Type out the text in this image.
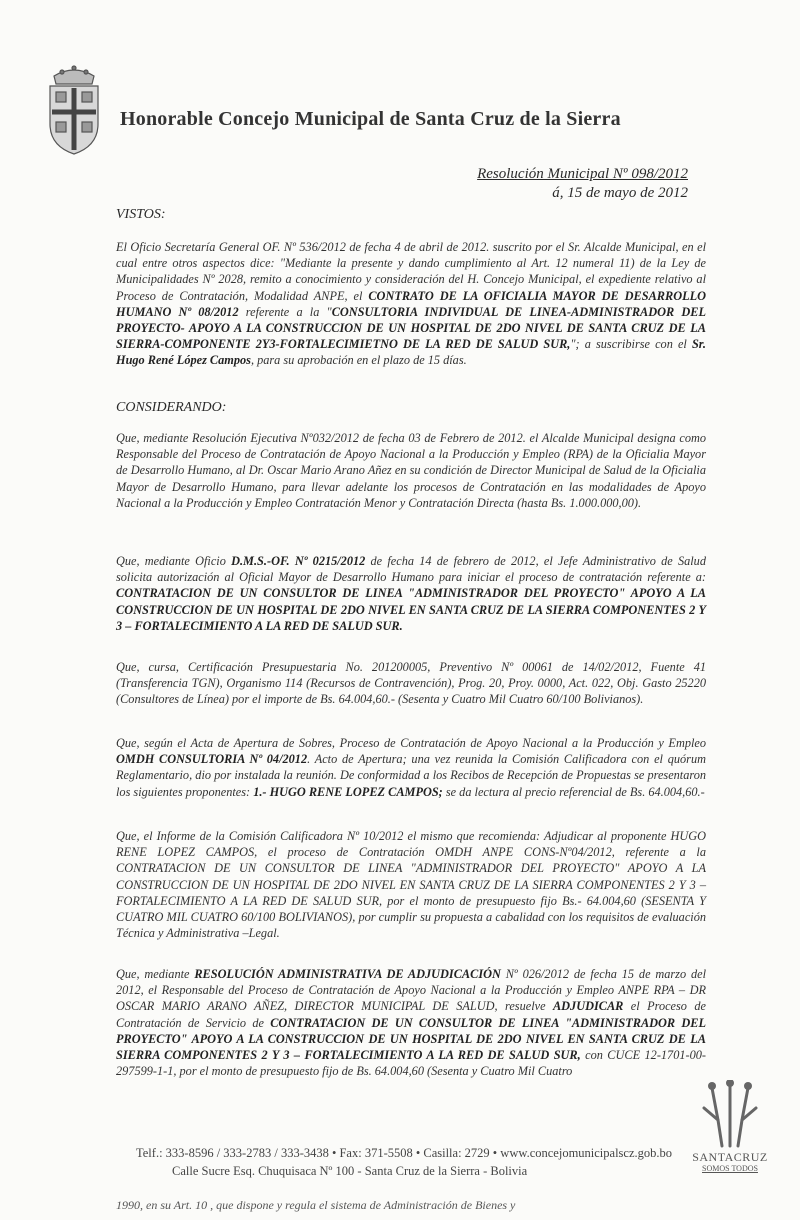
Honorable Concejo Municipal de Santa Cruz de la Sierra
Resolución Municipal Nº 098/2012
á, 15 de mayo de 2012
VISTOS:
El Oficio Secretaría General OF. Nº 536/2012 de fecha 4 de abril de 2012. suscrito por el Sr. Alcalde Municipal, en el cual entre otros aspectos dice: "Mediante la presente y dando cumplimiento al Art. 12 numeral 11) de la Ley de Municipalidades Nº 2028, remito a conocimiento y consideración del H. Concejo Municipal, el expediente relativo al Proceso de Contratación, Modalidad ANPE, el CONTRATO DE LA OFICIALIA MAYOR DE DESARROLLO HUMANO Nº 08/2012 referente a la "CONSULTORIA INDIVIDUAL DE LINEA-ADMINISTRADOR DEL PROYECTO- APOYO A LA CONSTRUCCION DE UN HOSPITAL DE 2DO NIVEL DE SANTA CRUZ DE LA SIERRA-COMPONENTE 2Y3-FORTALECIMIETNO DE LA RED DE SALUD SUR,"; a suscribirse con el Sr. Hugo René López Campos, para su aprobación en el plazo de 15 días.
CONSIDERANDO:
Que, mediante Resolución Ejecutiva Nº032/2012 de fecha 03 de Febrero de 2012. el Alcalde Municipal designa como Responsable del Proceso de Contratación de Apoyo Nacional a la Producción y Empleo (RPA) de la Oficialia Mayor de Desarrollo Humano, al Dr. Oscar Mario Arano Añez en su condición de Director Municipal de Salud de la Oficialia Mayor de Desarrollo Humano, para llevar adelante los procesos de Contratación en las modalidades de Apoyo Nacional a la Producción y Empleo Contratación Menor y Contratación Directa (hasta Bs. 1.000.000,00).
Que, mediante Oficio D.M.S.-OF. Nº 0215/2012 de fecha 14 de febrero de 2012, el Jefe Administrativo de Salud solicita autorización al Oficial Mayor de Desarrollo Humano para iniciar el proceso de contratación referente a: CONTRATACION DE UN CONSULTOR DE LINEA "ADMINISTRADOR DEL PROYECTO" APOYO A LA CONSTRUCCION DE UN HOSPITAL DE 2DO NIVEL EN SANTA CRUZ DE LA SIERRA COMPONENTES 2 Y 3 – FORTALECIMIENTO A LA RED DE SALUD SUR.
Que, cursa, Certificación Presupuestaria No. 201200005, Preventivo Nº 00061 de 14/02/2012, Fuente 41 (Transferencia TGN), Organismo 114 (Recursos de Contravención), Prog. 20, Proy. 0000, Act. 022, Obj. Gasto 25220 (Consultores de Línea) por el importe de Bs. 64.004,60.- (Sesenta y Cuatro Mil Cuatro 60/100 Bolivianos).
Que, según el Acta de Apertura de Sobres, Proceso de Contratación de Apoyo Nacional a la Producción y Empleo OMDH CONSULTORIA Nº 04/2012. Acto de Apertura; una vez reunida la Comisión Calificadora con el quórum Reglamentario, dio por instalada la reunión. De conformidad a los Recibos de Recepción de Propuestas se presentaron los siguientes proponentes: 1.- HUGO RENE LOPEZ CAMPOS; se da lectura al precio referencial de Bs. 64.004,60.-
Que, el Informe de la Comisión Calificadora Nº 10/2012 el mismo que recomienda: Adjudicar al proponente HUGO RENE LOPEZ CAMPOS, el proceso de Contratación OMDH ANPE CONS-Nº04/2012, referente a la CONTRATACION DE UN CONSULTOR DE LINEA "ADMINISTRADOR DEL PROYECTO" APOYO A LA CONSTRUCCION DE UN HOSPITAL DE 2DO NIVEL EN SANTA CRUZ DE LA SIERRA COMPONENTES 2 Y 3 – FORTALECIMIENTO A LA RED DE SALUD SUR, por el monto de presupuesto fijo Bs.- 64.004,60 (SESENTA Y CUATRO MIL CUATRO 60/100 BOLIVIANOS), por cumplir su propuesta a cabalidad con los requisitos de evaluación Técnica y Administrativa –Legal.
Que, mediante RESOLUCIÓN ADMINISTRATIVA DE ADJUDICACIÓN Nº 026/2012 de fecha 15 de marzo del 2012, el Responsable del Proceso de Contratación de Apoyo Nacional a la Producción y Empleo ANPE RPA – DR OSCAR MARIO ARANO AÑEZ, DIRECTOR MUNICIPAL DE SALUD, resuelve ADJUDICAR el Proceso de Contratación de Servicio de CONTRATACION DE UN CONSULTOR DE LINEA "ADMINISTRADOR DEL PROYECTO" APOYO A LA CONSTRUCCION DE UN HOSPITAL DE 2DO NIVEL EN SANTA CRUZ DE LA SIERRA COMPONENTES 2 Y 3 – FORTALECIMIENTO A LA RED DE SALUD SUR, con CUCE 12-1701-00-297599-1-1, por el monto de presupuesto fijo de Bs. 64.004,60 (Sesenta y Cuatro Mil Cuatro
Telf.: 333-8596 / 333-2783 / 333-3438 • Fax: 371-5508 • Casilla: 2729 • www.concejomunicipalscz.gob.bo
Calle Sucre Esq. Chuquisaca Nº 100 - Santa Cruz de la Sierra - Bolivia
SANTACRUZ
SOMOS TODOS
1990, en su Art. 10 , que dispone y regula el sistema de Administración de Bienes y
